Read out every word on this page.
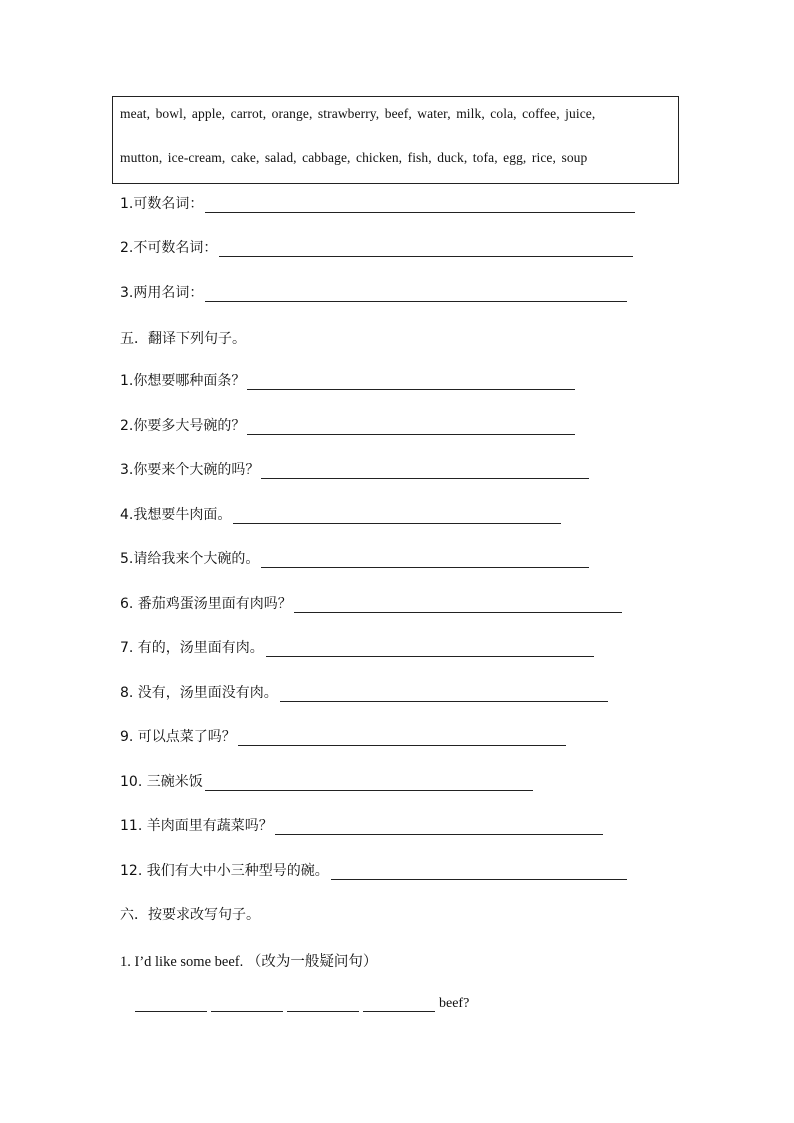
meat, bowl, apple, carrot, orange, strawberry, beef, water, milk, cola, coffee, juice,
mutton, ice-cream, cake, salad, cabbage, chicken, fish, duck, tofa, egg, rice, soup
1.可数名词：
2.不可数名词：
3.两用名词：
五．翻译下列句子。
1.你想要哪种面条？
2.你要多大号碗的？
3.你要来个大碗的吗？
4.我想要牛肉面。
5.请给我来个大碗的。
6. 番茄鸡蛋汤里面有肉吗？
7. 有的，汤里面有肉。
8. 没有，汤里面没有肉。
9. 可以点菜了吗？
10. 三碗米饭
11. 羊肉面里有蔬菜吗？
12. 我们有大中小三种型号的碗。
六．按要求改写句子。
1. I’d like some beef. （改为一般疑问句）
beef?
